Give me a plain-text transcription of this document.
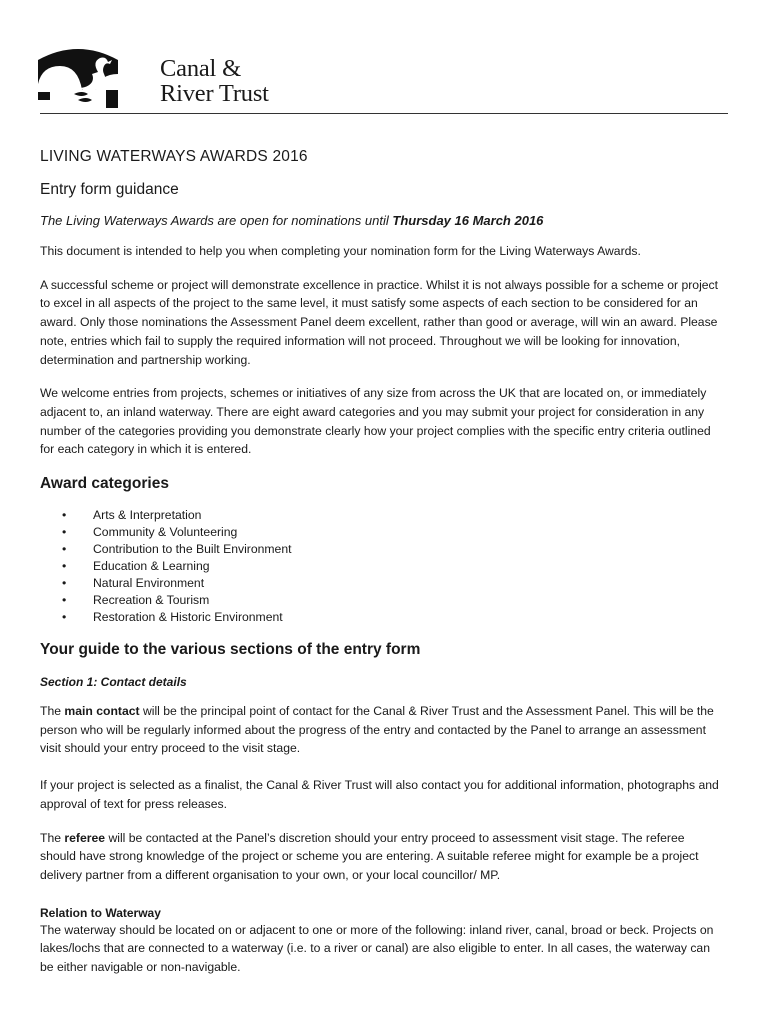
Canal &
River Trust
LIVING WATERWAYS AWARDS 2016
Entry form guidance
The Living Waterways Awards are open for nominations until Thursday 16 March 2016

This document is intended to help you when completing your nomination form for the Living Waterways Awards.

A successful scheme or project will demonstrate excellence in practice. Whilst it is not always possible for a scheme or project to excel in all aspects of the project to the same level, it must satisfy some aspects of each section to be considered for an award. Only those nominations the Assessment Panel deem excellent, rather than good or average, will win an award. Please note, entries which fail to supply the required information will not proceed. Throughout we will be looking for innovation, determination and partnership working.

We welcome entries from projects, schemes or initiatives of any size from across the UK that are located on, or immediately adjacent to, an inland waterway. There are eight award categories and you may submit your project for consideration in any number of the categories providing you demonstrate clearly how your project complies with the specific entry criteria outlined for each category in which it is entered.

Award categories
• Arts & Interpretation
• Community & Volunteering
• Contribution to the Built Environment
• Education & Learning
• Natural Environment
• Recreation & Tourism
• Restoration & Historic Environment
Your guide to the various sections of the entry form
Section 1: Contact details

The main contact will be the principal point of contact for the Canal & River Trust and the Assessment Panel. This will be the person who will be regularly informed about the progress of the entry and contacted by the Panel to arrange an assessment visit should your entry proceed to the visit stage.

If your project is selected as a finalist, the Canal & River Trust will also contact you for additional information, photographs and approval of text for press releases.

The referee will be contacted at the Panel’s discretion should your entry proceed to assessment visit stage. The referee should have strong knowledge of the project or scheme you are entering. A suitable referee might for example be a project delivery partner from a different organisation to your own, or your local councillor/ MP.

Relation to Waterway

The waterway should be located on or adjacent to one or more of the following: inland river, canal, broad or beck. Projects on lakes/lochs that are connected to a waterway (i.e. to a river or canal) are also eligible to enter. In all cases, the waterway can be either navigable or non-navigable.
